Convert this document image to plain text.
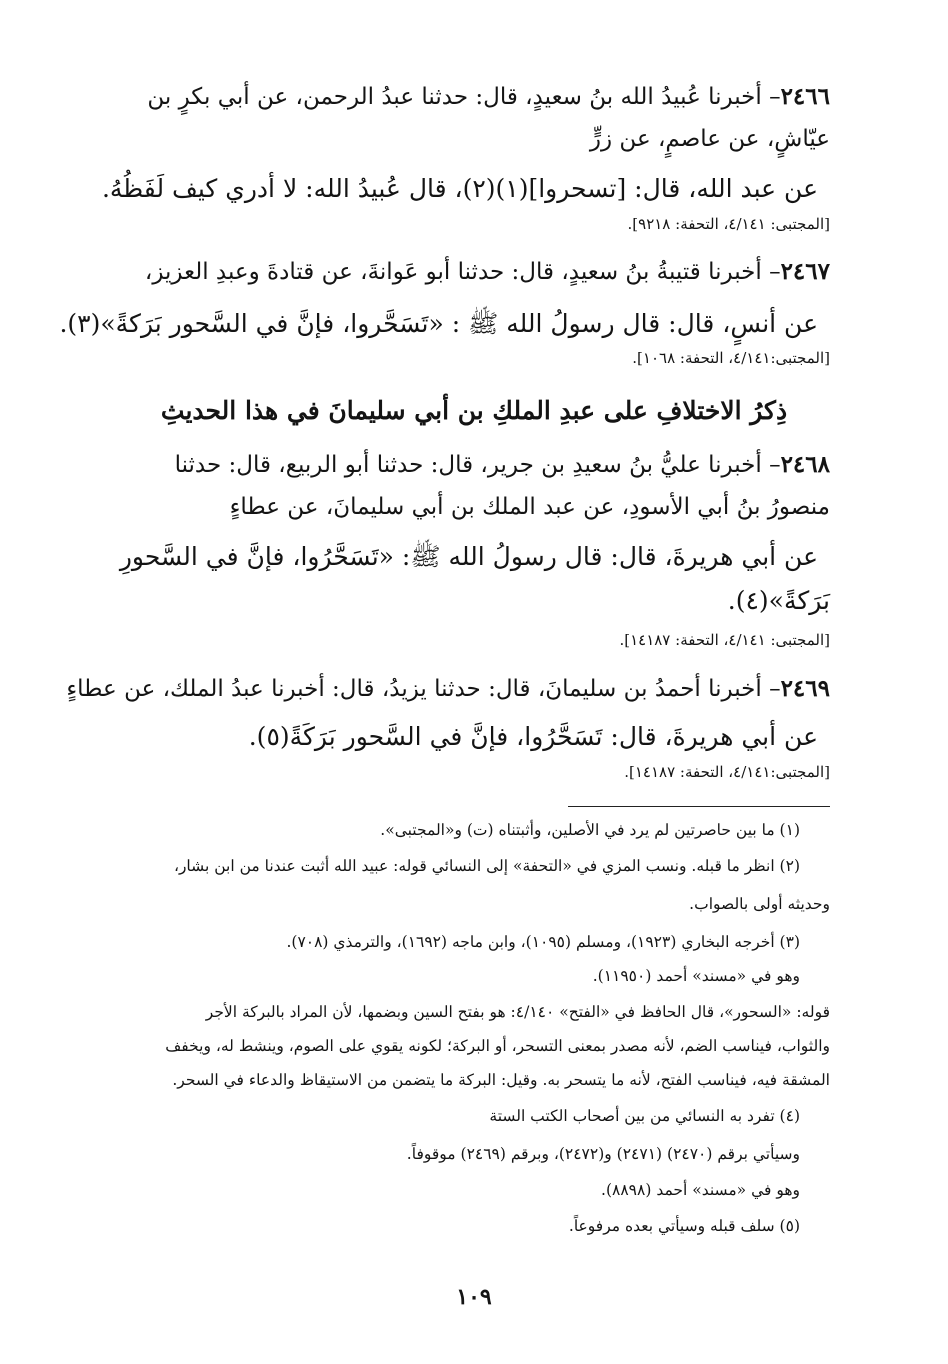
٢٤٦٦– أخبرنا عُبيدُ الله بنُ سعيدٍ، قال: حدثنا عبدُ الرحمن، عن أبي بكرٍ بن
عيّاشٍ، عن عاصمٍ، عن زرٍّ
عن عبد الله، قال: [تسحروا](١)(٢)، قال عُبيدُ الله: لا أدري كيف لَفَظُهُ.
[المجتبى: ٤/١٤١، التحفة: ٩٢١٨].
٢٤٦٧– أخبرنا قتيبةُ بنُ سعيدٍ، قال: حدثنا أبو عَوانةَ، عن قتادةَ وعبدِ العزيز،
عن أنسٍ، قال: قال رسولُ الله ﷺ : «تَسَحَّروا، فإنَّ في السَّحور بَرَكةً»(٣).
[المجتبى:٤/١٤١، التحفة: ١٠٦٨].
ذِكرُ الاختلافِ على عبدِ الملكِ بن أبي سليمانَ في هذا الحديثِ
٢٤٦٨– أخبرنا عليُّ بنُ سعيدِ بن جرير، قال: حدثنا أبو الربيع، قال: حدثنا
منصورُ بنُ أبي الأسودِ، عن عبد الملك بن أبي سليمانَ، عن عطاءٍ
عن أبي هريرةَ، قال: قال رسولُ الله ﷺ: «تَسَحَّرُوا، فإنَّ في السَّحورِ
بَرَكةً»(٤).
[المجتبى: ٤/١٤١، التحفة: ١٤١٨٧].
٢٤٦٩– أخبرنا أحمدُ بن سليمانَ، قال: حدثنا يزيدُ، قال: أخبرنا عبدُ الملك، عن عطاءٍ
عن أبي هريرةَ، قال: تَسَحَّرُوا، فإنَّ في السَّحور بَرَكَةً(٥).
[المجتبى:٤/١٤١، التحفة: ١٤١٨٧].
(١) ما بين حاصرتين لم يرد في الأصلين، وأثبتناه (ت) و«المجتبى».
(٢) انظر ما قبله. ونسب المزي في «التحفة» إلى النسائي قوله: عبيد الله أثبت عندنا من ابن بشار،
وحديثه أولى بالصواب.
(٣) أخرجه البخاري (١٩٢٣)، ومسلم (١٠٩٥)، وابن ماجه (١٦٩٢)، والترمذي (٧٠٨).
وهو في «مسند» أحمد (١١٩٥٠).
قوله: «السحور»، قال الحافظ في «الفتح» ٤/١٤٠: هو بفتح السين وبضمها، لأن المراد بالبركة الأجر
والثواب، فيناسب الضم، لأنه مصدر بمعنى التسحر، أو البركة؛ لكونه يقوي على الصوم، وينشط له، ويخفف
المشقة فيه، فيناسب الفتح، لأنه ما يتسحر به. وقيل: البركة ما يتضمن من الاستيقاظ والدعاء في السحر.
(٤) تفرد به النسائي من بين أصحاب الكتب الستة
وسيأتي برقم (٢٤٧٠) (٢٤٧١) و(٢٤٧٢)، وبرقم (٢٤٦٩) موقوفاً.
وهو في «مسند» أحمد (٨٨٩٨).
(٥) سلف قبله وسيأتي بعده مرفوعاً.
١٠٩
